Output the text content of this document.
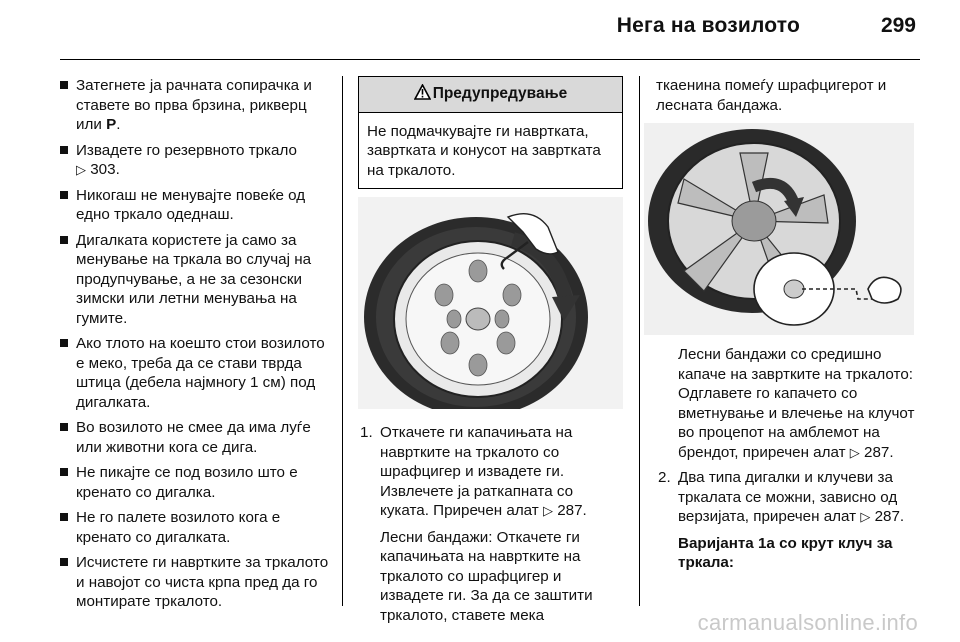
Нега на возилото	299
Затегнете ја рачната сопирачка и ставете во прва брзина, рикверц или P.
Извадете го резервното тркало
▷ 303.
Никогаш не менувајте повеќе од едно тркало одеднаш.
Дигалката користете ја само за менување на тркала во случај на продупчување, а не за сезонски зимски или летни менувања на гумите.
Ако тлото на коешто стои возилото е меко, треба да се стави тврда штица (дебела најмногу 1 см) под дигалката.
Во возилото не смее да има луѓе или животни кога се дига.
Не пикајте се под возило што е кренато со дигалка.
Не го палете возилото кога е кренато со дигалката.
Исчистете ги навртките за тркалото и навојот со чиста крпа пред да го монтирате тркалото.
Предупредување
Не подмачкувајте ги навртката, завртката и конусот на завртката на тркалото.
1. Откачете ги капачињата на навртките на тркалото со шрафцигер и извадете ги. Извлечете ја раткапната со куката. Приречен алат ▷ 287.

Лесни бандажи: Откачете ги капачињата на навртките на тркалото со шрафцигер и извадете ги. За да се заштити тркалото, ставете мека

ткаенина помеѓу шрафцигерот и лесната бандажа.

Лесни бандажи со средишно капаче на завртките на тркалото: Одглавете го капачето со вметнување и влечење на клучот во процепот на амблемот на брендот, приречен алат ▷ 287.

2. Два типа дигалки и клучеви за тркалата се можни, зависно од верзијата, приречен алат ▷ 287.

Варијанта 1а со крут клуч за тркала:

carmanualsonline.info
